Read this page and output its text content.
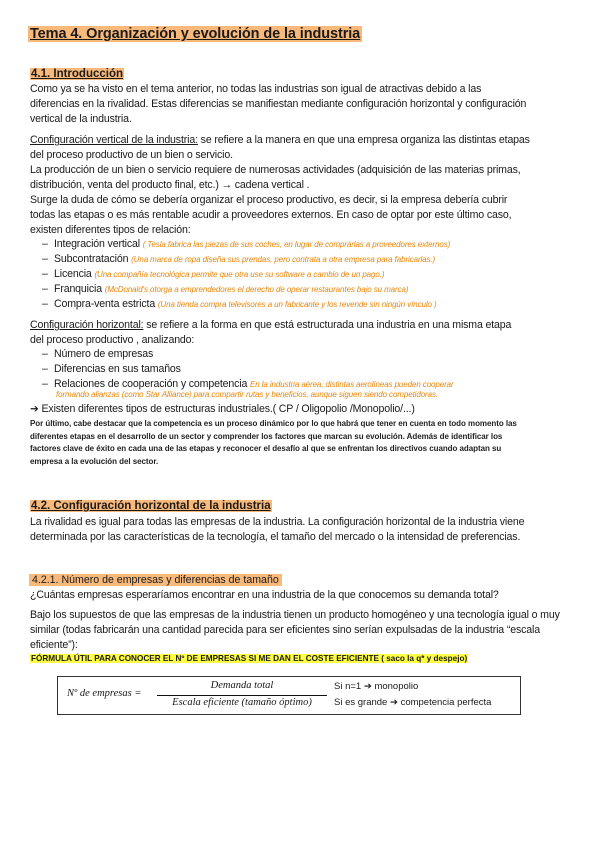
Tema 4. Organización y evolución de la industria
4.1. Introducción
Como ya se ha visto en el tema anterior, no todas las industrias son igual de atractivas debido a las diferencias en la rivalidad. Estas diferencias se manifiestan mediante configuración horizontal y configuración vertical de la industria.
Configuración vertical de la industria: se refiere a la manera en que una empresa organiza las distintas etapas del proceso productivo de un bien o servicio.
La producción de un bien o servicio requiere de numerosas actividades (adquisición de las materias primas, distribución, venta del producto final, etc.) → cadena vertical .
Surge la duda de cómo se debería organizar el proceso productivo, es decir, si la empresa debería cubrir todas las etapas o es más rentable acudir a proveedores externos. En caso de optar por este último caso, existen diferentes tipos de relación:
– Integración vertical ( Tesla fabrica las piezas de sus coches, en lugar de comprarlas a proveedores externos)
– Subcontratación (Una marca de ropa diseña sus prendas, pero contrata a otra empresa para fabricarlas.)
– Licencia (Una compañía tecnológica permite que otra use su software a cambio de un pago.)
– Franquicia (McDonald's otorga a emprendedores el derecho de operar restaurantes bajo su marca)
– Compra-venta estricta (Una tienda compra televisores a un fabricante y los revende sin ningún vínculo )
Configuración horizontal: se refiere a la forma en que está estructurada una industria en una misma etapa del proceso productivo , analizando:
– Número de empresas
– Diferencias en sus tamaños
– Relaciones de cooperación y competencia En la industria aérea, distintas aerolíneas pueden cooperar
formando alianzas (como Star Alliance) para compartir rutas y beneficios, aunque siguen siendo competidoras.
➔ Existen diferentes tipos de estructuras industriales.( CP / Oligopolio /Monopolio/...)
Por último, cabe destacar que la competencia es un proceso dinámico por lo que habrá que tener en cuenta en todo momento las diferentes etapas en el desarrollo de un sector y comprender los factores que marcan su evolución. Además de identificar los factores clave de éxito en cada una de las etapas y reconocer el desafío al que se enfrentan los directivos cuando adaptan su empresa a la evolución del sector.
4.2. Configuración horizontal de la industria
La rivalidad es igual para todas las empresas de la industria. La configuración horizontal de la industria viene determinada por las características de la tecnología, el tamaño del mercado o la intensidad de preferencias.
4.2.1. Número de empresas y diferencias de tamaño
¿Cuántas empresas esperaríamos encontrar en una industria de la que conocemos su demanda total?
Bajo los supuestos de que las empresas de la industria tienen un producto homogéneo y una tecnología igual o muy similar (todas fabricarán una cantidad parecida para ser eficientes sino serían expulsadas de la industria “escala eficiente”):
FÓRMULA ÚTIL PARA CONOCER EL Nº DE EMPRESAS SI ME DAN EL COSTE EFICIENTE ( saco la q* y despejo)
Nº de empresas =
Demanda total
Escala eficiente (tamaño óptimo)
Si n=1 ➔ monopolio
Si es grande ➔ competencia perfecta
